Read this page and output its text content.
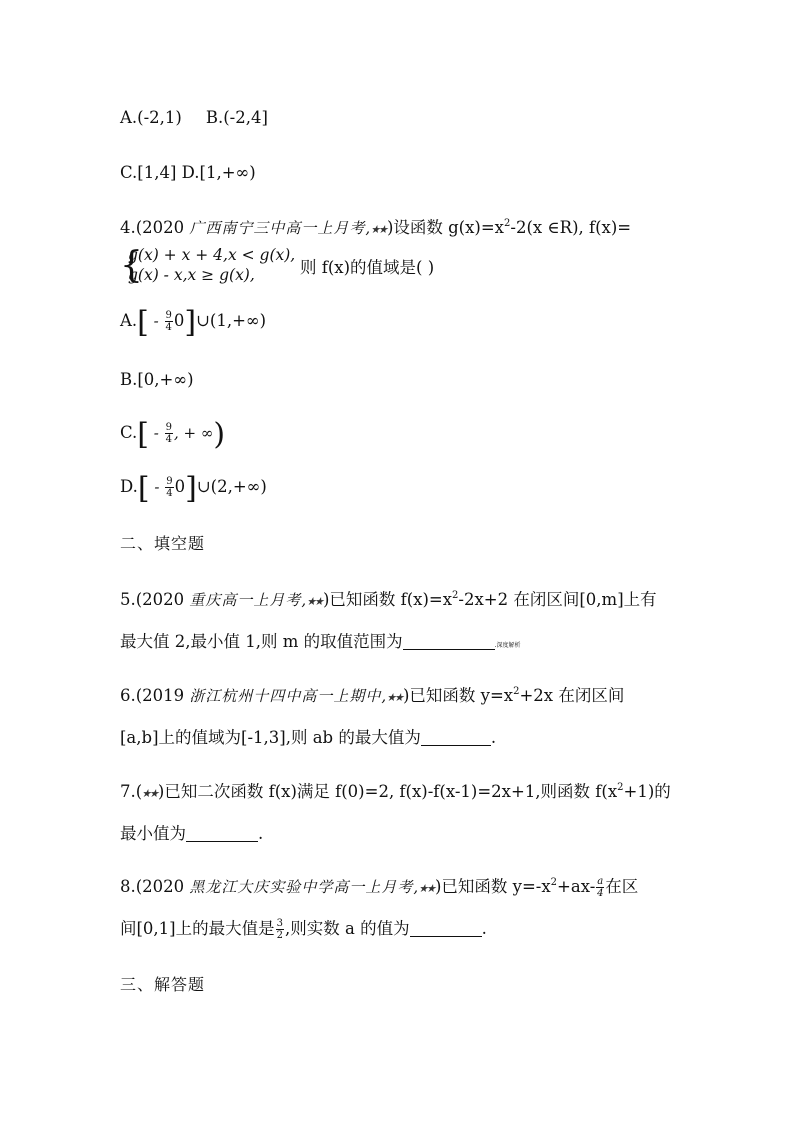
A.(-2,1) B.(-2,4]
C.[1,4] D.[1,+∞)
4.(2020 广西南宁三中高一上月考,★★)设函数 $g(x)=x^2-2(x$ ∈R), f(x)=
{
g(x) + x + 4,x < g(x),
g(x) - x,x ≥ g(x),	则 f(x)的值域是( )
$A.[ - \frac{9}{4}$ 0]∪(1,+∞)
B.[0,+∞)
$C.[ - \frac{9}{4}$ , + ∞)
$D.[ - \frac{9}{4}$ 0]∪(2,+∞)
二、填空题
5.(2020 重庆高一上月考,★★)已知函数 $f(x)=x^2-2x+2$ 在闭区间[0,m]上有
最大值 2,最小值 1,则 m 的取值范围为	.深度解析
6.(2019 浙江杭州十四中高一上期中,★★)已知函数 $y=x^2+2x$ 在闭区间
[a,b]上的值域为[-1,3],则 ab 的最大值为	.
7.(★★)已知二次函数 f(x)满足 f(0)=2, f(x)-f(x-1)=2x+1,则函数 $f(x^2+1)$的
最小值为	.
8.(2020 黑龙江大庆实验中学高一上月考,★★)已知函数 $y=-x^2+ax- \frac{a}{4}$ 在区
间[0,1]上的最大值是 $\frac{3}{2}$ ,则实数 a 的值为	.
三、解答题
